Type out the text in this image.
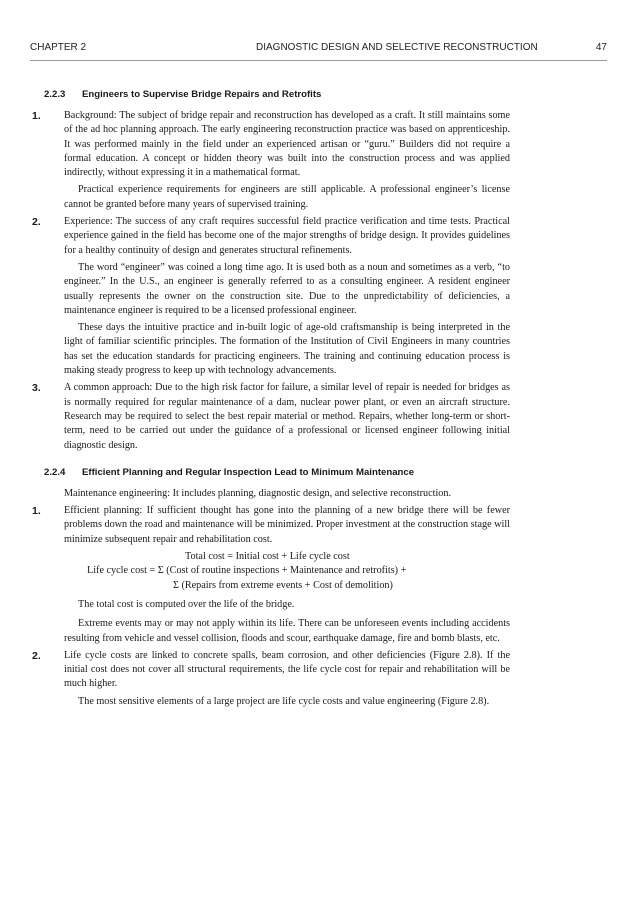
CHAPTER 2	DIAGNOSTIC DESIGN AND SELECTIVE RECONSTRUCTION	47
2.2.3 Engineers to Supervise Bridge Repairs and Retrofits
1. Background: The subject of bridge repair and reconstruction has developed as a craft. It still maintains some of the ad hoc planning approach. The early engineering reconstruction practice was based on apprenticeship. It was performed mainly in the field under an experienced artisan or “guru.” Builders did not require a formal education. A concept or hidden theory was built into the construction process and was applied indirectly, without expressing it in a mathematical format.

Practical experience requirements for engineers are still applicable. A professional engineer’s license cannot be granted before many years of supervised training.

2. Experience: The success of any craft requires successful field practice verification and time tests. Practical experience gained in the field has become one of the major strengths of bridge design. It provides guidelines for a healthy continuity of design and generates structural refinements.

The word “engineer” was coined a long time ago. It is used both as a noun and sometimes as a verb, “to engineer.” In the U.S., an engineer is generally referred to as a consulting engineer. A resident engineer usually represents the owner on the construction site. Due to the unpredictability of deficiencies, a maintenance engineer is required to be a licensed professional engineer.

These days the intuitive practice and in-built logic of age-old craftsmanship is being interpreted in the light of familiar scientific principles. The formation of the Institution of Civil Engineers in many countries has set the education standards for practicing engineers. The training and continuing education process is making steady progress to keep up with technology advancements.

3. A common approach: Due to the high risk factor for failure, a similar level of repair is needed for bridges as is normally required for regular maintenance of a dam, nuclear power plant, or even an aircraft structure. Research may be required to select the best repair material or method. Repairs, whether long-term or short-term, need to be carried out under the guidance of a professional or licensed engineer following initial diagnostic design.

2.2.4 Efficient Planning and Regular Inspection Lead to Minimum Maintenance

Maintenance engineering: It includes planning, diagnostic design, and selective reconstruction.

1. Efficient planning: If sufficient thought has gone into the planning of a new bridge there will be fewer problems down the road and maintenance will be minimized. Proper investment at the construction stage will minimize subsequent repair and rehabilitation cost.

Total cost = Initial cost + Life cycle cost
Life cycle cost = Σ (Cost of routine inspections + Maintenance and retrofits) +
Σ (Repairs from extreme events + Cost of demolition)

The total cost is computed over the life of the bridge.

Extreme events may or may not apply within its life. There can be unforeseen events including accidents resulting from vehicle and vessel collision, floods and scour, earthquake damage, fire and bomb blasts, etc.

2. Life cycle costs are linked to concrete spalls, beam corrosion, and other deficiencies (Figure 2.8). If the initial cost does not cover all structural requirements, the life cycle cost for repair and rehabilitation will be much higher.

The most sensitive elements of a large project are life cycle costs and value engineering (Figure 2.8).
